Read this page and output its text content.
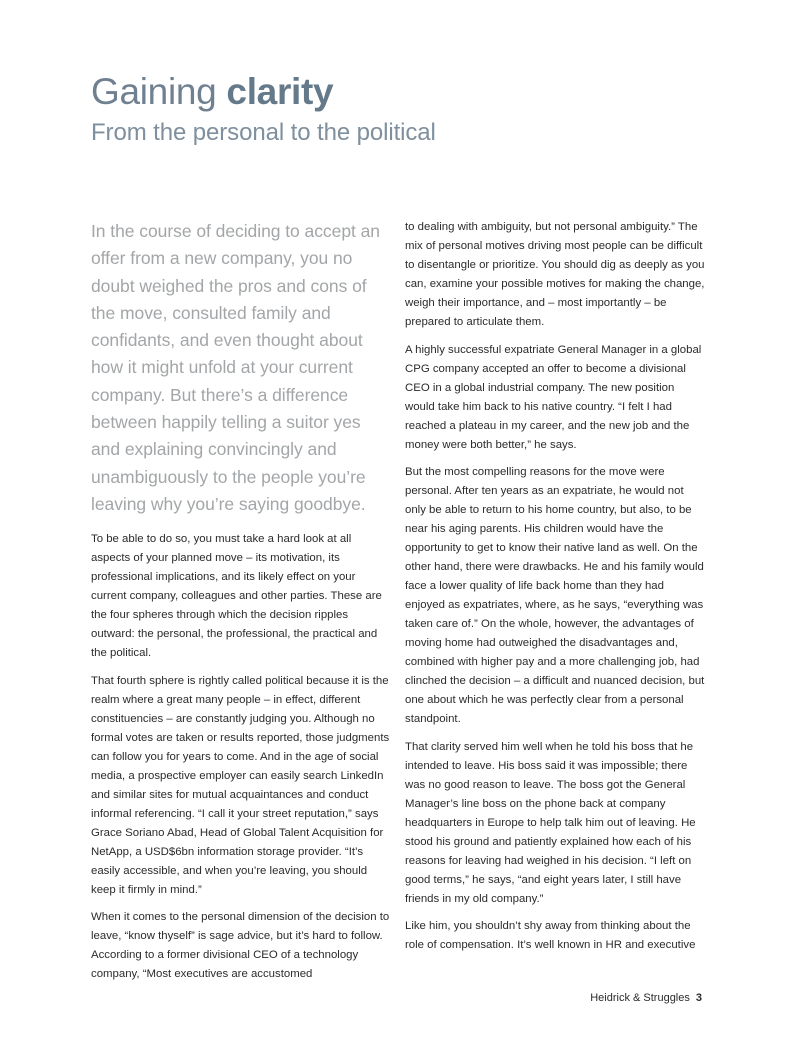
Gaining clarity
From the personal to the political

In the course of deciding to accept an offer from a new company, you no doubt weighed the pros and cons of the move, consulted family and confidants, and even thought about how it might unfold at your current company. But there’s a difference between happily telling a suitor yes and explaining convincingly and unambiguously to the people you’re leaving why you’re saying goodbye.

To be able to do so, you must take a hard look at all aspects of your planned move – its motivation, its professional implications, and its likely effect on your current company, colleagues and other parties. These are the four spheres through which the decision ripples outward: the personal, the professional, the practical and the political.

That fourth sphere is rightly called political because it is the realm where a great many people – in effect, different constituencies – are constantly judging you. Although no formal votes are taken or results reported, those judgments can follow you for years to come. And in the age of social media, a prospective employer can easily search LinkedIn and similar sites for mutual acquaintances and conduct informal referencing. “I call it your street reputation,” says Grace Soriano Abad, Head of Global Talent Acquisition for NetApp, a USD$6bn information storage provider. “It’s easily accessible, and when you’re leaving, you should keep it firmly in mind.”

When it comes to the personal dimension of the decision to leave, “know thyself” is sage advice, but it’s hard to follow. According to a former divisional CEO of a technology company, “Most executives are accustomed

to dealing with ambiguity, but not personal ambiguity.” The mix of personal motives driving most people can be difficult to disentangle or prioritize. You should dig as deeply as you can, examine your possible motives for making the change, weigh their importance, and – most importantly – be prepared to articulate them.

A highly successful expatriate General Manager in a global CPG company accepted an offer to become a divisional CEO in a global industrial company. The new position would take him back to his native country. “I felt I had reached a plateau in my career, and the new job and the money were both better,” he says.

But the most compelling reasons for the move were personal. After ten years as an expatriate, he would not only be able to return to his home country, but also, to be near his aging parents. His children would have the opportunity to get to know their native land as well. On the other hand, there were drawbacks. He and his family would face a lower quality of life back home than they had enjoyed as expatriates, where, as he says, “everything was taken care of.” On the whole, however, the advantages of moving home had outweighed the disadvantages and, combined with higher pay and a more challenging job, had clinched the decision – a difficult and nuanced decision, but one about which he was perfectly clear from a personal standpoint.

That clarity served him well when he told his boss that he intended to leave. His boss said it was impossible; there was no good reason to leave. The boss got the General Manager’s line boss on the phone back at company headquarters in Europe to help talk him out of leaving. He stood his ground and patiently explained how each of his reasons for leaving had weighed in his decision. “I left on good terms,” he says, “and eight years later, I still have friends in my old company.”

Like him, you shouldn’t shy away from thinking about the role of compensation. It’s well known in HR and executive

Heidrick & Struggles 3
